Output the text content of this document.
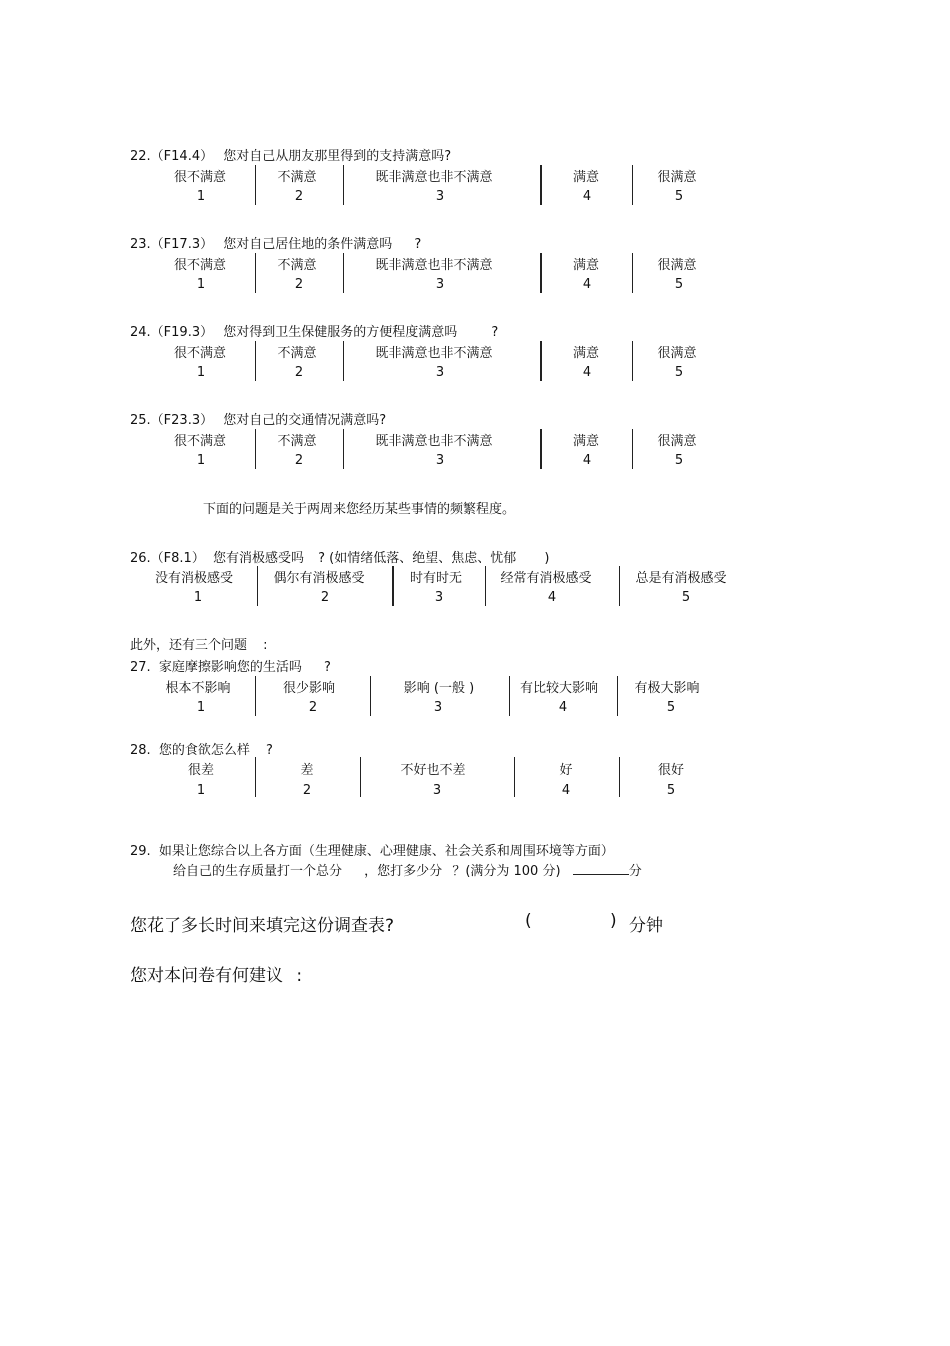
22.（F14.4） 您对自己从朋友那里得到的支持满意吗?
很不满意	不满意	既非满意也非不满意	满意	很满意
1	2	3	4	5
23.（F17.3） 您对自己居住地的条件满意吗 ?
很不满意	不满意	既非满意也非不满意	满意	很满意
1	2	3	4	5
24.（F19.3） 您对得到卫生保健服务的方便程度满意吗	?
很不满意	不满意	既非满意也非不满意	满意	很满意
1	2	3	4	5
25.（F23.3） 您对自己的交通情况满意吗?
很不满意	不满意	既非满意也非不满意	满意	很满意
1	2	3	4	5
下面的问题是关于两周来您经历某些事情的频繁程度。
26.（F8.1） 您有消极感受吗 ? (如情绪低落、绝望、焦虑、忧郁 )
没有消极感受	偶尔有消极感受	时有时无	经常有消极感受	总是有消极感受
1	2	3	4	5
此外，还有三个问题 :
27. 家庭摩擦影响您的生活吗 ?
根本不影响	很少影响	影响 (一般 )	有比较大影响	有极大影响
1	2	3	4	5
28. 您的食欲怎么样 ?
很差	差	不好也不差	好	很好
1	2	3	4	5
29. 如果让您综合以上各方面（生理健康、心理健康、社会关系和周围环境等方面）
给自己的生存质量打一个总分 ，您打多少分 ？(满分为 100 分)	分
您花了多长时间来填完这份调查表?	(	) 分钟
您对本问卷有何建议 :
